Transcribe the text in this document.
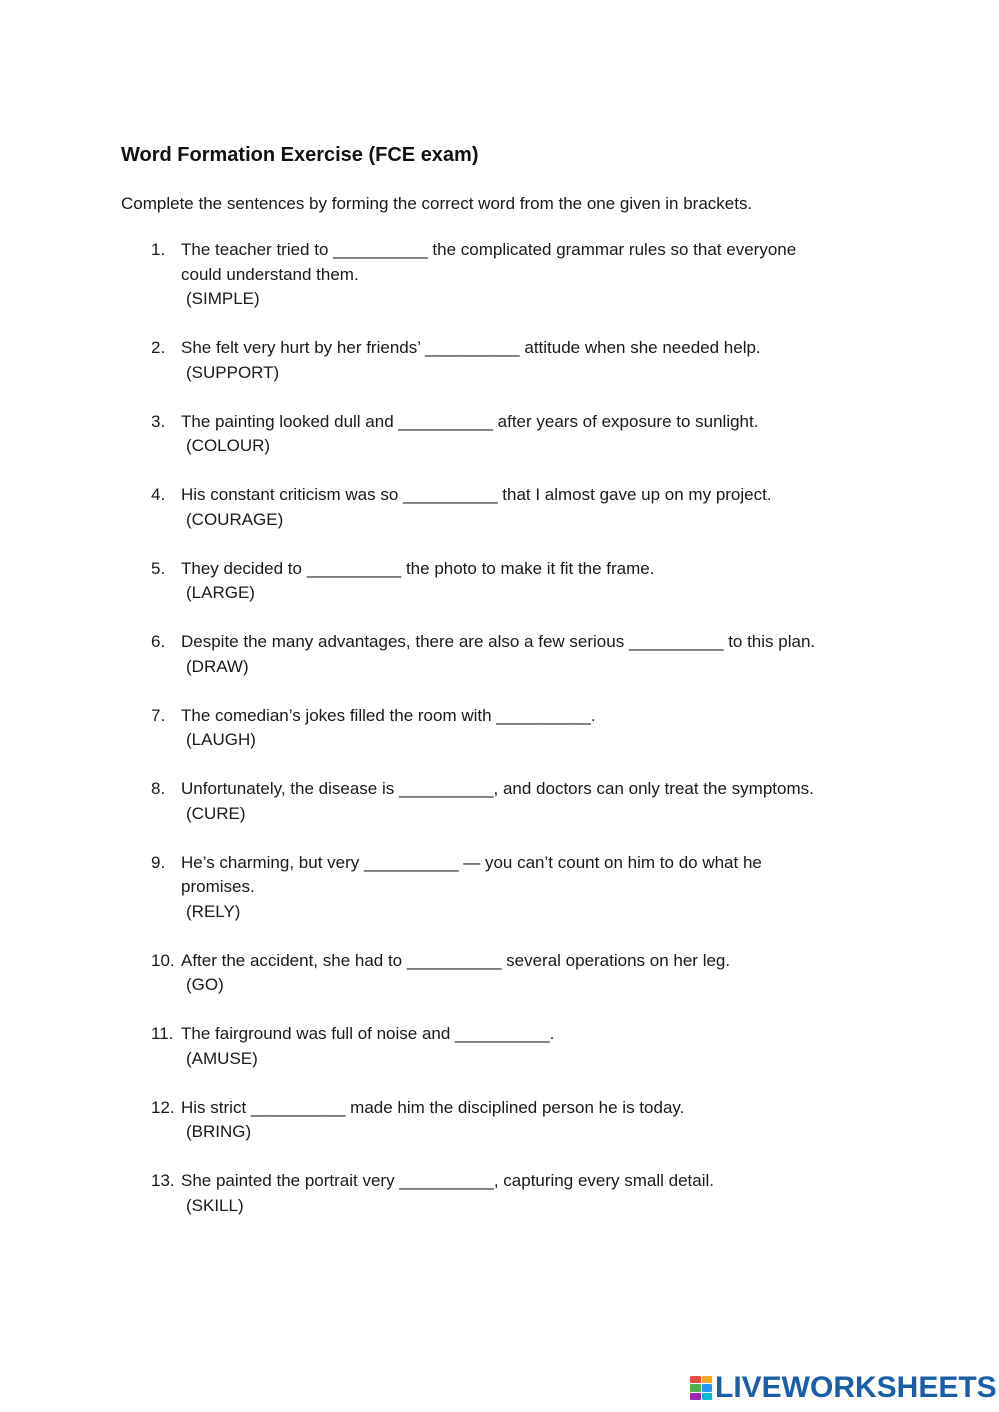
Word Formation Exercise (FCE exam)

Complete the sentences by forming the correct word from the one given in brackets.

1. The teacher tried to __________ the complicated grammar rules so that everyone
could understand them.
(SIMPLE)
2. She felt very hurt by her friends’ __________ attitude when she needed help.
(SUPPORT)
3. The painting looked dull and __________ after years of exposure to sunlight.
(COLOUR)
4. His constant criticism was so __________ that I almost gave up on my project.
(COURAGE)
5. They decided to __________ the photo to make it fit the frame.
(LARGE)
6. Despite the many advantages, there are also a few serious __________ to this plan.
(DRAW)
7. The comedian’s jokes filled the room with __________.
(LAUGH)
8. Unfortunately, the disease is __________, and doctors can only treat the symptoms.
(CURE)
9. He’s charming, but very __________ — you can’t count on him to do what he
promises.
(RELY)
10. After the accident, she had to __________ several operations on her leg.
(GO)
11. The fairground was full of noise and __________.
(AMUSE)
12. His strict __________ made him the disciplined person he is today.
(BRING)
13. She painted the portrait very __________, capturing every small detail.
(SKILL)
LIVEWORKSHEETS
